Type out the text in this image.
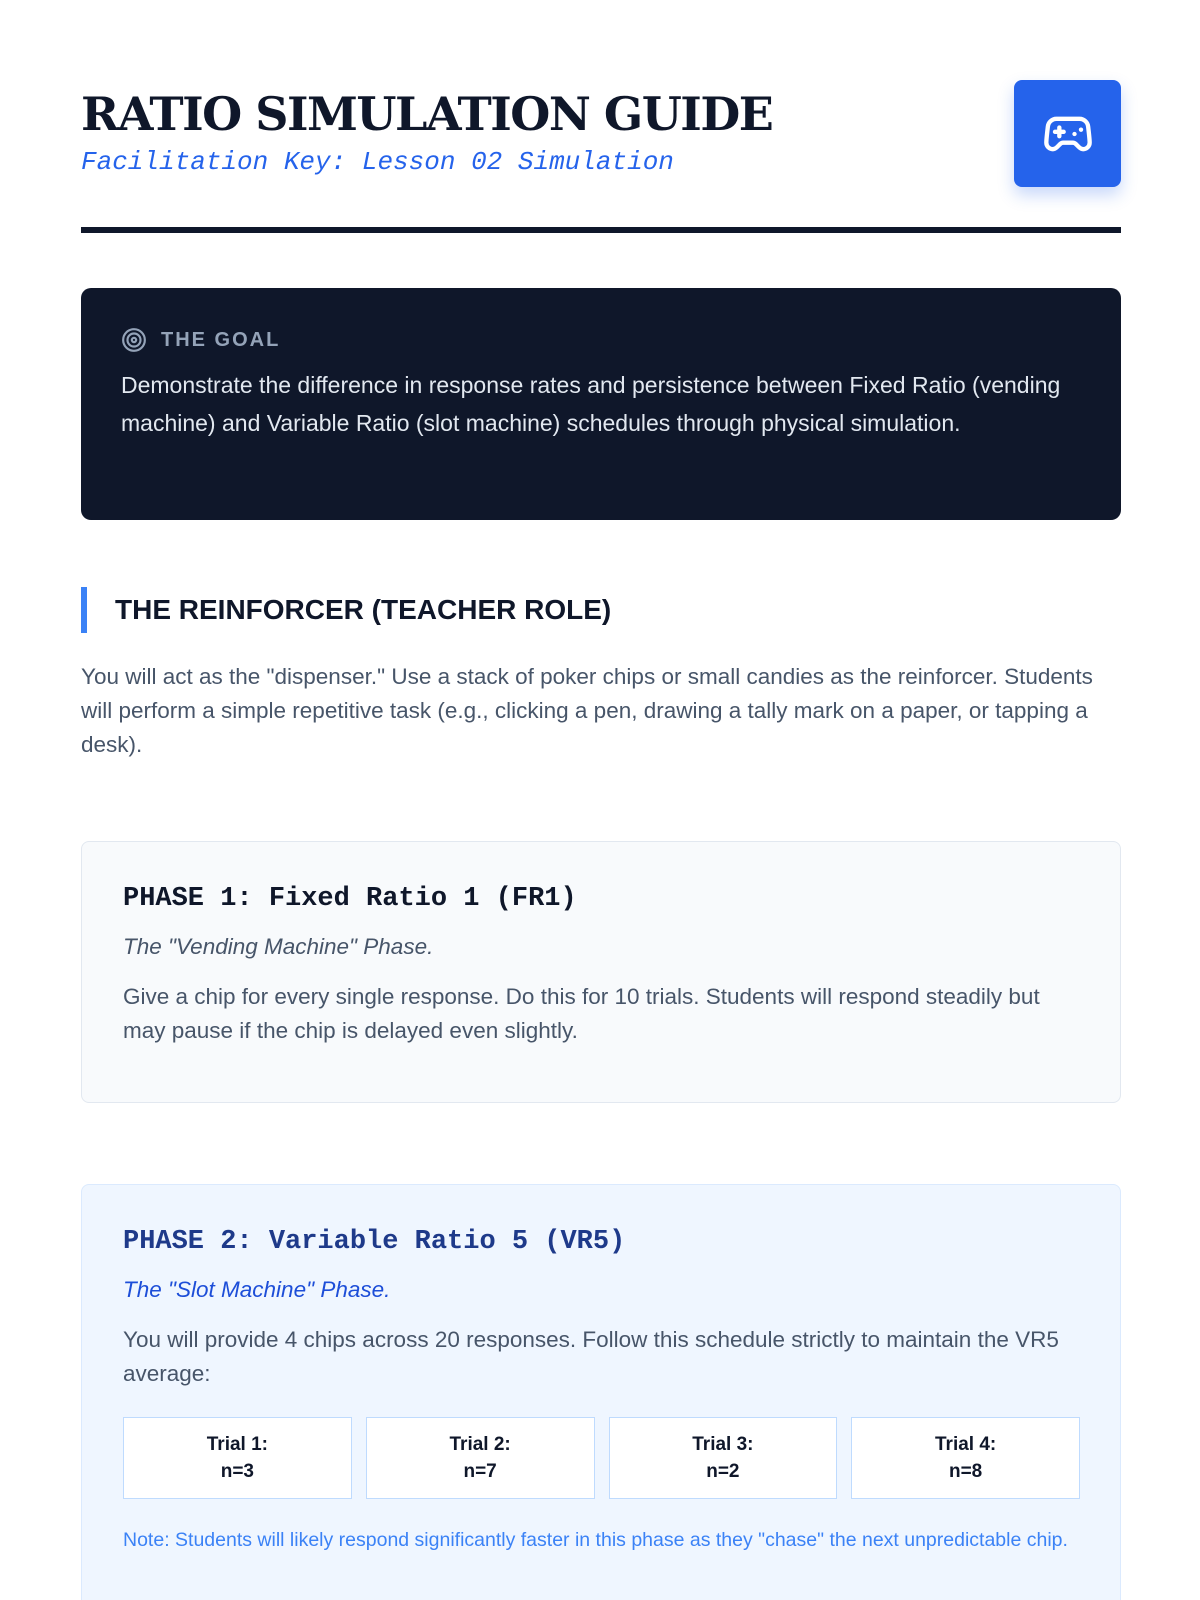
RATIO SIMULATION GUIDE
Facilitation Key: Lesson 02 Simulation
THE GOAL

Demonstrate the difference in response rates and persistence between Fixed Ratio (vending machine) and Variable Ratio (slot machine) schedules through physical simulation.

THE REINFORCER (TEACHER ROLE)

You will act as the "dispenser." Use a stack of poker chips or small candies as the reinforcer. Students will perform a simple repetitive task (e.g., clicking a pen, drawing a tally mark on a paper, or tapping a desk).

PHASE 1: Fixed Ratio 1 (FR1)

The "Vending Machine" Phase.

Give a chip for every single response. Do this for 10 trials. Students will respond steadily but may pause if the chip is delayed even slightly.

PHASE 2: Variable Ratio 5 (VR5)

The "Slot Machine" Phase.

You will provide 4 chips across 20 responses. Follow this schedule strictly to maintain the VR5 average:

Trial 1:
n=3
Trial 2:
n=7
Trial 3:
n=2
Trial 4:
n=8

Note: Students will likely respond significantly faster in this phase as they "chase" the next unpredictable chip.
